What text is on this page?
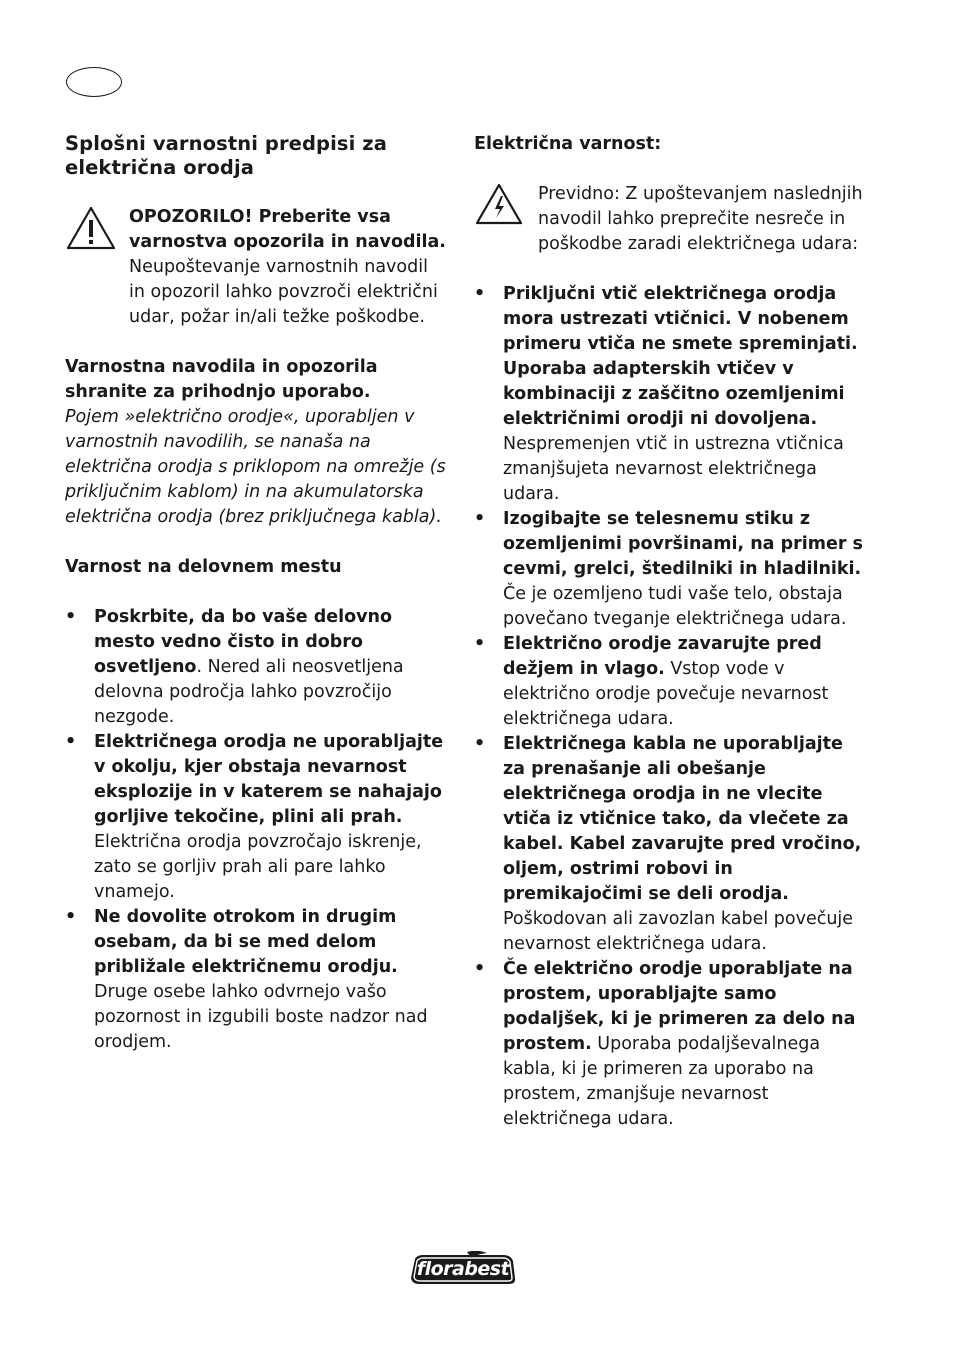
Splošni varnostni predpisi za električna orodja
OPOZORILO! Preberite vsa varnostva opozorila in navodila. Neupoštevanje varnostnih navodil in opozoril lahko povzroči električni udar, požar in/ali težke poškodbe.
Varnostna navodila in opozorila shranite za prihodnjo uporabo.
Pojem »električno orodje«, uporabljen v varnostnih navodilih, se nanaša na električna orodja s priklopom na omrežje (s priključnim kablom) in na akumulatorska električna orodja (brez priključnega kabla).
Varnost na delovnem mestu
• Poskrbite, da bo vaše delovno mesto vedno čisto in dobro osvetljeno. Nered ali neosvetljena delovna področja lahko povzročijo nezgode.
• Električnega orodja ne uporabljajte v okolju, kjer obstaja nevarnost eksplozije in v katerem se nahajajo gorljive tekočine, plini ali prah. Električna orodja povzročajo iskrenje, zato se gorljiv prah ali pare lahko vnamejo.
• Ne dovolite otrokom in drugim osebam, da bi se med delom približale električnemu orodju. Druge osebe lahko odvrnejo vašo pozornost in izgubili boste nadzor nad orodjem.
Električna varnost:
Previdno: Z upoštevanjem naslednjih navodil lahko preprečite nesreče in poškodbe zaradi električnega udara:
• Priključni vtič električnega orodja mora ustrezati vtičnici. V nobenem primeru vtiča ne smete spreminjati. Uporaba adapterskih vtičev v kombinaciji z zaščitno ozemljenimi električnimi orodji ni dovoljena. Nespremenjen vtič in ustrezna vtičnica zmanjšujeta nevarnost električnega udara.
• Izogibajte se telesnemu stiku z ozemljenimi površinami, na primer s cevmi, grelci, štedilniki in hladilniki. Če je ozemljeno tudi vaše telo, obstaja povečano tveganje električnega udara.
• Električno orodje zavarujte pred dežjem in vlago. Vstop vode v električno orodje povečuje nevarnost električnega udara.
• Električnega kabla ne uporabljajte za prenašanje ali obešanje električnega orodja in ne vlecite vtiča iz vtičnice tako, da vlečete za kabel. Kabel zavarujte pred vročino, oljem, ostrimi robovi in premikajočimi se deli orodja. Poškodovan ali zavozlan kabel povečuje nevarnost električnega udara.
• Če električno orodje uporabljate na prostem, uporabljajte samo podaljšek, ki je primeren za delo na prostem. Uporaba podaljševalnega kabla, ki je primeren za uporabo na prostem, zmanjšuje nevarnost električnega udara.
florabest
